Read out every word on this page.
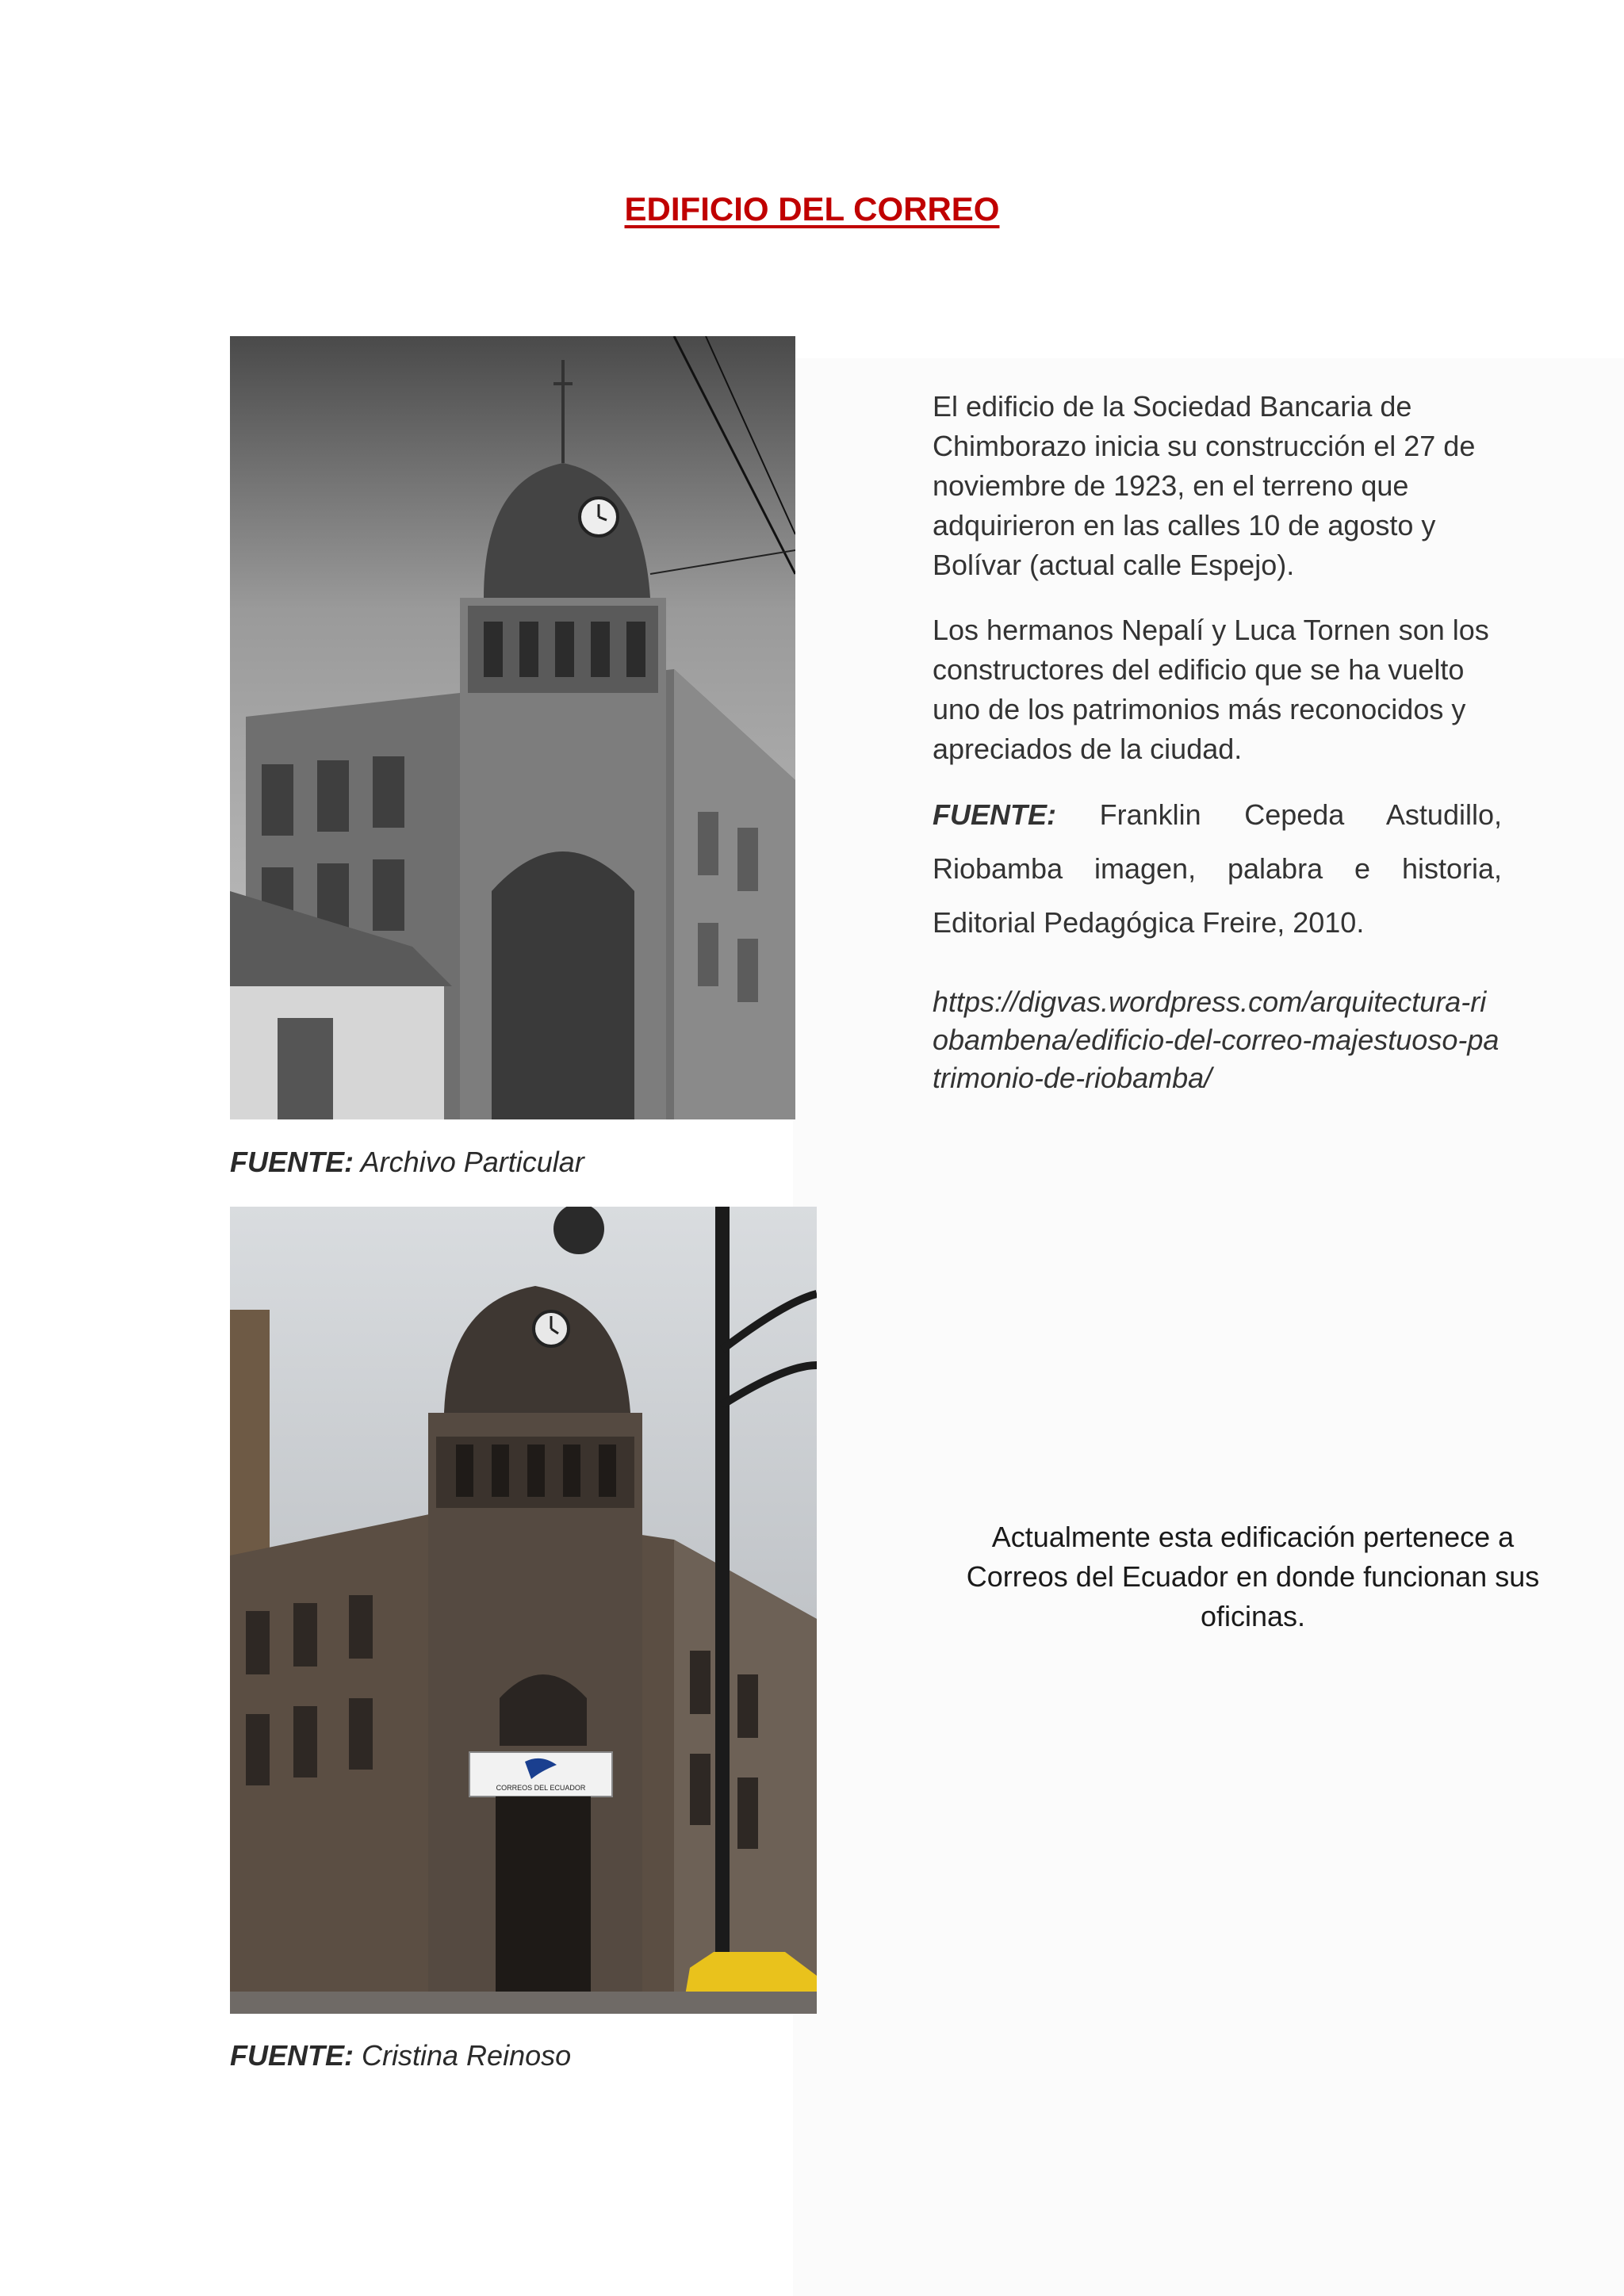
EDIFICIO DEL CORREO
FUENTE: Archivo Particular
El edificio de la Sociedad Bancaria de Chimborazo inicia su construcción el 27 de noviembre de 1923, en el terreno que adquirieron en las calles 10 de agosto y Bolívar (actual calle Espejo).
Los hermanos Nepalí y Luca Tornen son los constructores del edificio que se ha vuelto uno de los patrimonios más reconocidos y apreciados de la ciudad.
FUENTE: Franklin Cepeda Astudillo, Riobamba imagen, palabra e historia, Editorial Pedagógica Freire, 2010.
https://digvas.wordpress.com/arquitectura-riobambena/edificio-del-correo-majestuoso-patrimonio-de-riobamba/
CORREOS DEL ECUADOR
Actualmente esta edificación pertenece a Correos del Ecuador en donde funcionan sus oficinas.
FUENTE: Cristina Reinoso
